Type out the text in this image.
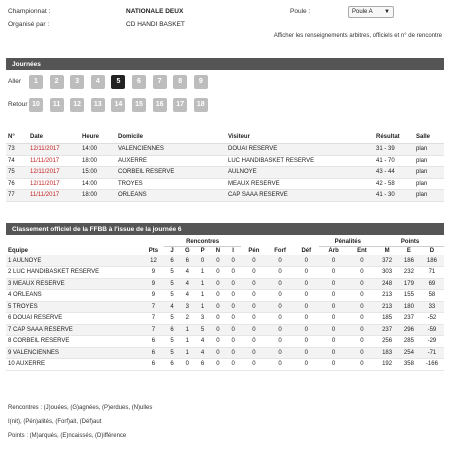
Championnat :	NATIONALE DEUX	Poule :	Poule A ▼
Organisé par :	CD HANDI BASKET
Afficher les renseignements arbitres, officiels et n° de rencontre
Journées
Aller	1	2	3	4	5	6	7	8	9
Retour 10	11	12	13	14	15	16	17	18
N°	Date	Heure	Domicile	Visiteur	Résultat	Salle
73	12/11/2017	14:00	VALENCIENNES	DOUAI RESERVE	31 - 39	plan
74	11/11/2017	18:00	AUXERRE	LUC HANDIBASKET RESERVE	41 - 70	plan
75	12/11/2017	15:00	CORBEIL RESERVE	AULNOYE	43 - 44	plan
76	12/11/2017	14:00	TROYES	MEAUX RESERVE	42 - 58	plan
77	11/11/2017	18:00	ORLEANS	CAP SAAA RESERVE	41 - 30	plan
Classement officiel de la FFBB à l'issue de la journée 6
		Rencontres								Pénalités		Points		
Equipe	Pts	J	G	P	N	I	Pén	Forf	Déf	Arb	Ent	M	E	D
1 AULNOYE	12	6	6	0	0	0	0	0	0	0	0	372	186	186
2 LUC HANDIBASKET RESERVE	9	5	4	1	0	0	0	0	0	0	0	303	232	71
3 MEAUX RESERVE	9	5	4	1	0	0	0	0	0	0	0	248	179	69
4 ORLEANS	9	5	4	1	0	0	0	0	0	0	0	213	155	58
5 TROYES	7	4	3	1	0	0	0	0	0	0	0	213	180	33
6 DOUAI RESERVE	7	5	2	3	0	0	0	0	0	0	0	185	237	-52
7 CAP SAAA RESERVE	7	6	1	5	0	0	0	0	0	0	0	237	296	-59
8 CORBEIL RESERVE	6	5	1	4	0	0	0	0	0	0	0	256	285	-29
9 VALENCIENNES	6	5	1	4	0	0	0	0	0	0	0	183	254	-71
10 AUXERRE	6	6	0	6	0	0	0	0	0	0	0	192	358	-166
Rencontres : (J)ouées, (G)agnées, (P)erdues, (N)ulles
I(nit), (Pén)alités, (Forf)ait, (Déf)aut
Points : (M)arqués, (E)ncaissés, (D)ifférence
